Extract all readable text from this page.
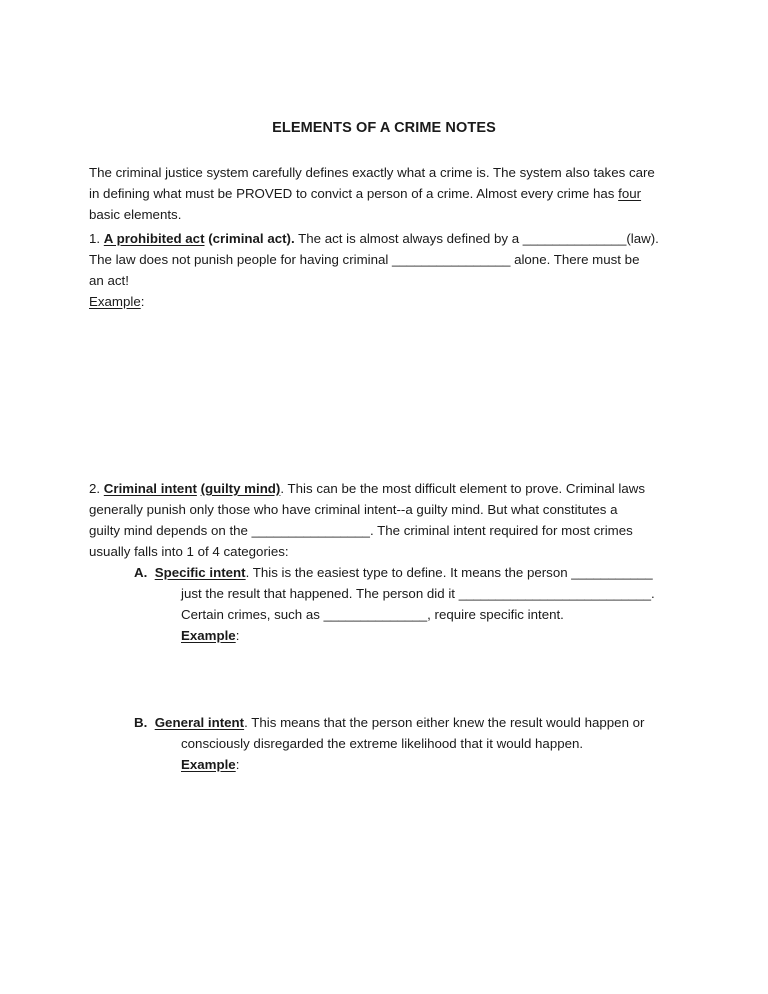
ELEMENTS OF A CRIME NOTES
The criminal justice system carefully defines exactly what a crime is. The system also takes care
in defining what must be PROVED to convict a person of a crime. Almost every crime has four
basic elements.
1. A prohibited act (criminal act). The act is almost always defined by a ______________(law).
The law does not punish people for having criminal ________________ alone. There must be
an act!
Example:
2. Criminal intent (guilty mind). This can be the most difficult element to prove. Criminal laws
generally punish only those who have criminal intent--a guilty mind. But what constitutes a
guilty mind depends on the ________________. The criminal intent required for most crimes
usually falls into 1 of 4 categories:
A. Specific intent. This is the easiest type to define. It means the person ___________
just the result that happened. The person did it __________________________.
Certain crimes, such as ______________, require specific intent.
Example:
B. General intent. This means that the person either knew the result would happen or
consciously disregarded the extreme likelihood that it would happen.
Example:
